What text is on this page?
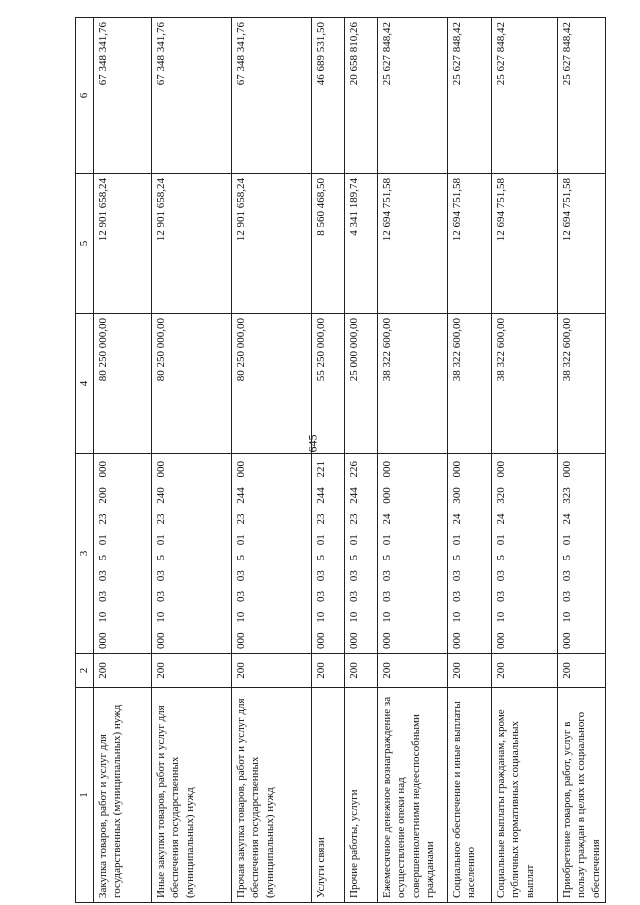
645
1	2	3	4	5	6
Закупка товаров, работ и услуг для государственных (муниципальных) нужд	200	000 10 03 03 5 01 23 200 000	80 250 000,00	12 901 658,24	67 348 341,76
Иные закупки товаров, работ и услуг для обеспечения государственных (муниципальных) нужд	200	000 10 03 03 5 01 23 240 000	80 250 000,00	12 901 658,24	67 348 341,76
Прочая закупка товаров, работ и услуг для обеспечения государственных (муниципальных) нужд	200	000 10 03 03 5 01 23 244 000	80 250 000,00	12 901 658,24	67 348 341,76
Услуги связи	200	000 10 03 03 5 01 23 244 221	55 250 000,00	8 560 468,50	46 689 531,50
Прочие работы, услуги	200	000 10 03 03 5 01 23 244 226	25 000 000,00	4 341 189,74	20 658 810,26
Ежемесячное денежное вознаграждение за осуществление опеки над совершеннолетними недееспособными гражданами	200	000 10 03 03 5 01 24 000 000	38 322 600,00	12 694 751,58	25 627 848,42
Социальное обеспечение и иные выплаты населению	200	000 10 03 03 5 01 24 300 000	38 322 600,00	12 694 751,58	25 627 848,42
Социальные выплаты гражданам, кроме публичных нормативных социальных выплат	200	000 10 03 03 5 01 24 320 000	38 322 600,00	12 694 751,58	25 627 848,42
Приобретение товаров, работ, услуг в пользу граждан в целях их социального обеспечения	200	000 10 03 03 5 01 24 323 000	38 322 600,00	12 694 751,58	25 627 848,42
